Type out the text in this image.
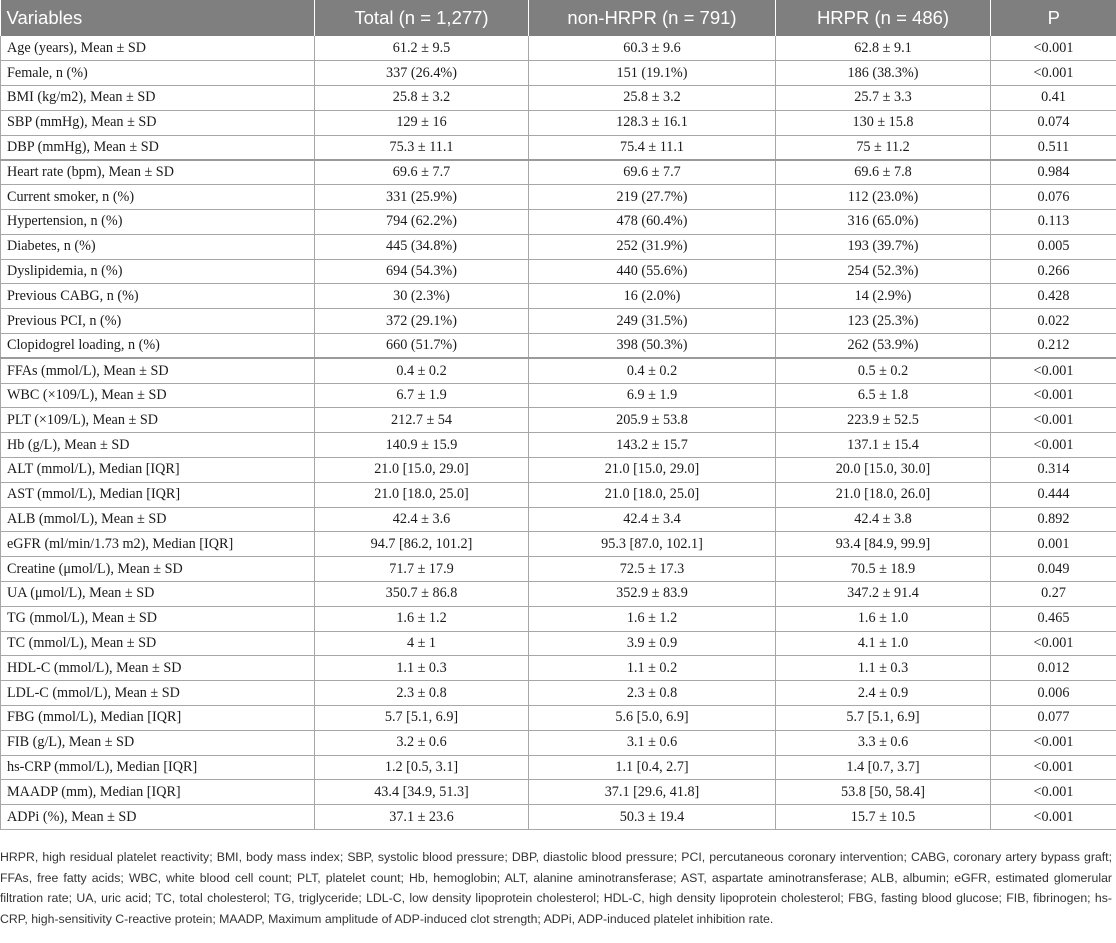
Variables	Total (n = 1,277)	non-HRPR (n = 791)	HRPR (n = 486)	P
Age (years), Mean ± SD	61.2 ± 9.5	60.3 ± 9.6	62.8 ± 9.1	<0.001
Female, n (%)	337 (26.4%)	151 (19.1%)	186 (38.3%)	<0.001
BMI (kg/m2), Mean ± SD	25.8 ± 3.2	25.8 ± 3.2	25.7 ± 3.3	0.41
SBP (mmHg), Mean ± SD	129 ± 16	128.3 ± 16.1	130 ± 15.8	0.074
DBP (mmHg), Mean ± SD	75.3 ± 11.1	75.4 ± 11.1	75 ± 11.2	0.511
Heart rate (bpm), Mean ± SD	69.6 ± 7.7	69.6 ± 7.7	69.6 ± 7.8	0.984
Current smoker, n (%)	331 (25.9%)	219 (27.7%)	112 (23.0%)	0.076
Hypertension, n (%)	794 (62.2%)	478 (60.4%)	316 (65.0%)	0.113
Diabetes, n (%)	445 (34.8%)	252 (31.9%)	193 (39.7%)	0.005
Dyslipidemia, n (%)	694 (54.3%)	440 (55.6%)	254 (52.3%)	0.266
Previous CABG, n (%)	30 (2.3%)	16 (2.0%)	14 (2.9%)	0.428
Previous PCI, n (%)	372 (29.1%)	249 (31.5%)	123 (25.3%)	0.022
Clopidogrel loading, n (%)	660 (51.7%)	398 (50.3%)	262 (53.9%)	0.212
FFAs (mmol/L), Mean ± SD	0.4 ± 0.2	0.4 ± 0.2	0.5 ± 0.2	<0.001
WBC (×109/L), Mean ± SD	6.7 ± 1.9	6.9 ± 1.9	6.5 ± 1.8	<0.001
PLT (×109/L), Mean ± SD	212.7 ± 54	205.9 ± 53.8	223.9 ± 52.5	<0.001
Hb (g/L), Mean ± SD	140.9 ± 15.9	143.2 ± 15.7	137.1 ± 15.4	<0.001
ALT (mmol/L), Median [IQR]	21.0 [15.0, 29.0]	21.0 [15.0, 29.0]	20.0 [15.0, 30.0]	0.314
AST (mmol/L), Median [IQR]	21.0 [18.0, 25.0]	21.0 [18.0, 25.0]	21.0 [18.0, 26.0]	0.444
ALB (mmol/L), Mean ± SD	42.4 ± 3.6	42.4 ± 3.4	42.4 ± 3.8	0.892
eGFR (ml/min/1.73 m2), Median [IQR]	94.7 [86.2, 101.2]	95.3 [87.0, 102.1]	93.4 [84.9, 99.9]	0.001
Creatine (μmol/L), Mean ± SD	71.7 ± 17.9	72.5 ± 17.3	70.5 ± 18.9	0.049
UA (μmol/L), Mean ± SD	350.7 ± 86.8	352.9 ± 83.9	347.2 ± 91.4	0.27
TG (mmol/L), Mean ± SD	1.6 ± 1.2	1.6 ± 1.2	1.6 ± 1.0	0.465
TC (mmol/L), Mean ± SD	4 ± 1	3.9 ± 0.9	4.1 ± 1.0	<0.001
HDL-C (mmol/L), Mean ± SD	1.1 ± 0.3	1.1 ± 0.2	1.1 ± 0.3	0.012
LDL-C (mmol/L), Mean ± SD	2.3 ± 0.8	2.3 ± 0.8	2.4 ± 0.9	0.006
FBG (mmol/L), Median [IQR]	5.7 [5.1, 6.9]	5.6 [5.0, 6.9]	5.7 [5.1, 6.9]	0.077
FIB (g/L), Mean ± SD	3.2 ± 0.6	3.1 ± 0.6	3.3 ± 0.6	<0.001
hs-CRP (mmol/L), Median [IQR]	1.2 [0.5, 3.1]	1.1 [0.4, 2.7]	1.4 [0.7, 3.7]	<0.001
MAADP (mm), Median [IQR]	43.4 [34.9, 51.3]	37.1 [29.6, 41.8]	53.8 [50, 58.4]	<0.001
ADPi (%), Mean ± SD	37.1 ± 23.6	50.3 ± 19.4	15.7 ± 10.5	<0.001
HRPR, high residual platelet reactivity; BMI, body mass index; SBP, systolic blood pressure; DBP, diastolic blood pressure; PCI, percutaneous coronary intervention; CABG, coronary artery bypass graft; FFAs, free fatty acids; WBC, white blood cell count; PLT, platelet count; Hb, hemoglobin; ALT, alanine aminotransferase; AST, aspartate aminotransferase; ALB, albumin; eGFR, estimated glomerular filtration rate; UA, uric acid; TC, total cholesterol; TG, triglyceride; LDL-C, low density lipoprotein cholesterol; HDL-C, high density lipoprotein cholesterol; FBG, fasting blood glucose; FIB, fibrinogen; hs-CRP, high-sensitivity C-reactive protein; MAADP, Maximum amplitude of ADP-induced clot strength; ADPi, ADP-induced platelet inhibition rate.
